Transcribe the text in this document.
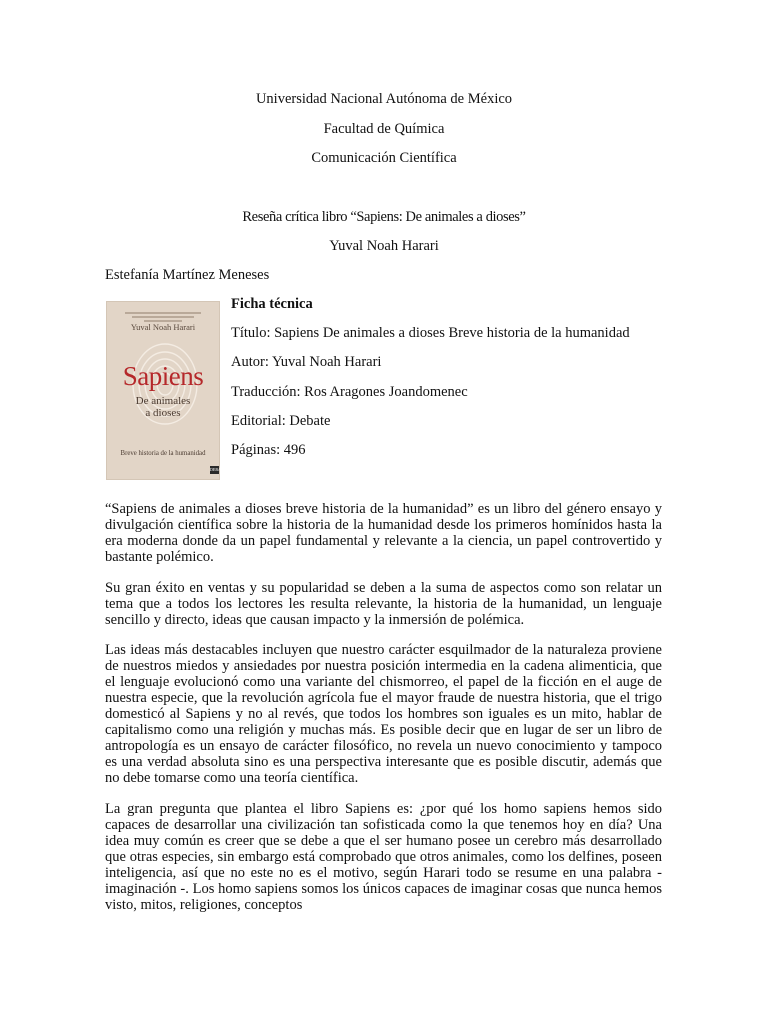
Universidad Nacional Autónoma de México
Facultad de Química
Comunicación Científica
Reseña crítica libro “Sapiens: De animales a dioses”
Yuval Noah Harari
Estefanía Martínez Meneses
Yuval Noah Harari
Sapiens
De animales
a dioses
Breve historia de la humanidad
DEBATE
Ficha técnica
Título: Sapiens De animales a dioses Breve historia de la humanidad
Autor: Yuval Noah Harari
Traducción: Ros Aragones Joandomenec
Editorial: Debate
Páginas: 496

“Sapiens de animales a dioses breve historia de la humanidad” es un libro del género ensayo y divulgación científica sobre la historia de la humanidad desde los primeros homínidos hasta la era moderna donde da un papel fundamental y relevante a la ciencia, un papel controvertido y bastante polémico.

Su gran éxito en ventas y su popularidad se deben a la suma de aspectos como son relatar un tema que a todos los lectores les resulta relevante, la historia de la humanidad, un lenguaje sencillo y directo, ideas que causan impacto y la inmersión de polémica.

Las ideas más destacables incluyen que nuestro carácter esquilmador de la naturaleza proviene de nuestros miedos y ansiedades por nuestra posición intermedia en la cadena alimenticia, que el lenguaje evolucionó como una variante del chismorreo, el papel de la ficción en el auge de nuestra especie, que la revolución agrícola fue el mayor fraude de nuestra historia, que el trigo domesticó al Sapiens y no al revés, que todos los hombres son iguales es un mito, hablar de capitalismo como una religión y muchas más. Es posible decir que en lugar de ser un libro de antropología es un ensayo de carácter filosófico, no revela un nuevo conocimiento y tampoco es una verdad absoluta sino es una perspectiva interesante que es posible discutir, además que no debe tomarse como una teoría científica.

La gran pregunta que plantea el libro Sapiens es: ¿por qué los homo sapiens hemos sido capaces de desarrollar una civilización tan sofisticada como la que tenemos hoy en día? Una idea muy común es creer que se debe a que el ser humano posee un cerebro más desarrollado que otras especies, sin embargo está comprobado que otros animales, como los delfines, poseen inteligencia, así que no este no es el motivo, según Harari todo se resume en una palabra - imaginación -. Los homo sapiens somos los únicos capaces de imaginar cosas que nunca hemos visto, mitos, religiones, conceptos
